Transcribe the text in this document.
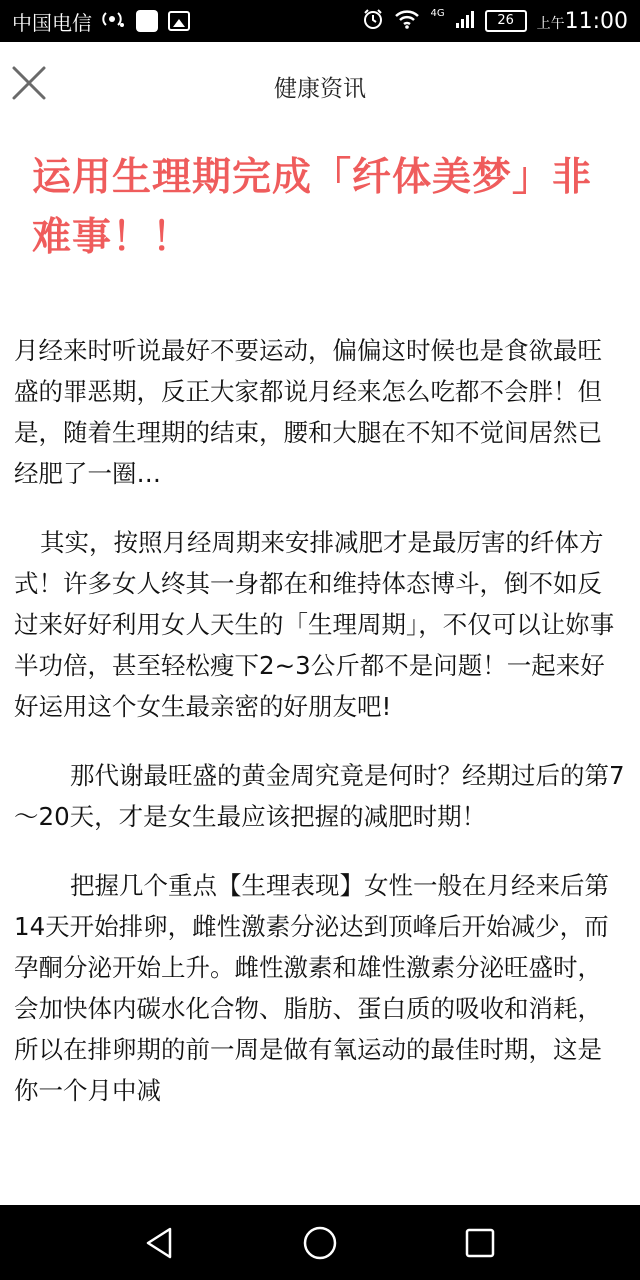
中国电信	4G	26	上午11:00
健康资讯
运用生理期完成「纤体美梦」非难事！！

月经来时听说最好不要运动，偏偏这时候也是食欲最旺盛的罪恶期，反正大家都说月经来怎么吃都不会胖！但是，随着生理期的结束，腰和大腿在不知不觉间居然已经肥了一圈…

其实，按照月经周期来安排减肥才是最厉害的纤体方式！许多女人终其一身都在和维持体态博斗，倒不如反过来好好利用女人天生的「生理周期」，不仅可以让妳事半功倍，甚至轻松瘦下2~3公斤都不是问题！一起来好好运用这个女生最亲密的好朋友吧!

那代谢最旺盛的黄金周究竟是何时？经期过后的第7～20天，才是女生最应该把握的减肥时期！

把握几个重点【生理表现】女性一般在月经来后第14天开始排卵，雌性激素分泌达到顶峰后开始减少，而孕酮分泌开始上升。雌性激素和雄性激素分泌旺盛时，会加快体内碳水化合物、脂肪、蛋白质的吸收和消耗，所以在排卵期的前一周是做有氧运动的最佳时期，这是你一个月中减
